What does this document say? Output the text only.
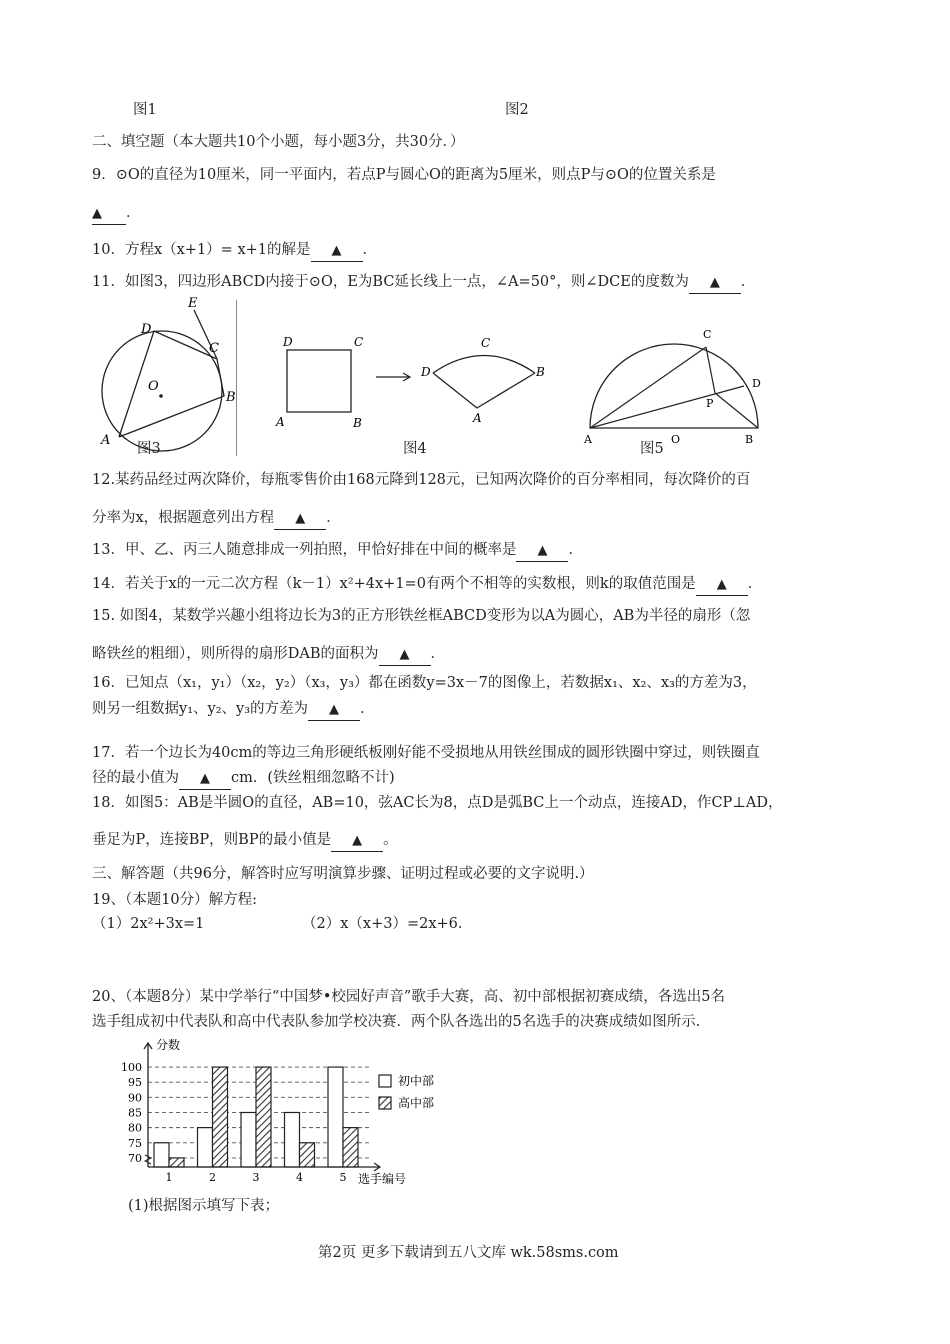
图1	图2
二、填空题（本大题共10个小题，每小题3分，共30分．）
9．⊙O的直径为10厘米，同一平面内，若点P与圆心O的距离为5厘米，则点P与⊙O的位置关系是
▲ ．
10．方程x（x+1）= x+1的解是 ▲ ．
11．如图3，四边形ABCD内接于⊙O，E为BC延长线上一点，∠A=50°，则∠DCE的度数为 ▲ ．
E
D
C
O
B
A
D	C
A	B
D
C
B
A
C
D
P
A	O	B
图3	图4	图5
12.某药品经过两次降价，每瓶零售价由168元降到128元，已知两次降价的百分率相同，每次降价的百
分率为x，根据题意列出方程 ▲ ．
13．甲、乙、丙三人随意排成一列拍照，甲恰好排在中间的概率是 ▲ ．
14．若关于x的一元二次方程（k－1）x²+4x+1=0有两个不相等的实数根，则k的取值范围是 ▲ ．
15. 如图4，某数学兴趣小组将边长为3的正方形铁丝框ABCD变形为以A为圆心，AB为半径的扇形（忽
略铁丝的粗细），则所得的扇形DAB的面积为 ▲ ．
16．已知点（x₁，y₁）（x₂，y₂）（x₃，y₃）都在函数y=3x－7的图像上，若数据x₁、x₂、x₃的方差为3，
则另一组数据y₁、y₂、y₃的方差为 ▲ ．
17．若一个边长为40cm的等边三角形硬纸板刚好能不受损地从用铁丝围成的圆形铁圈中穿过，则铁圈直
径的最小值为 ▲ cm．(铁丝粗细忽略不计)
18．如图5：AB是半圆O的直径，AB=10，弦AC长为8，点D是弧BC上一个动点，连接AD，作CP⊥AD，
垂足为P，连接BP，则BP的最小值是 ▲ 。
三、解答题（共96分，解答时应写明演算步骤、证明过程或必要的文字说明.）
19、（本题10分）解方程:
（1）2x²+3x=1	（2）x（x+3）=2x+6．
20、（本题8分）某中学举行“中国梦•校园好声音”歌手大赛，高、初中部根据初赛成绩，各选出5名
选手组成初中代表队和高中代表队参加学校决赛．两个队各选出的5名选手的决赛成绩如图所示.
70
75
80
85
90
95
100
1	2	3	4	5
分数
选手编号
初中部
高中部
(1)根据图示填写下表；
第2页 更多下载请到五八文库 wk.58sms.com
